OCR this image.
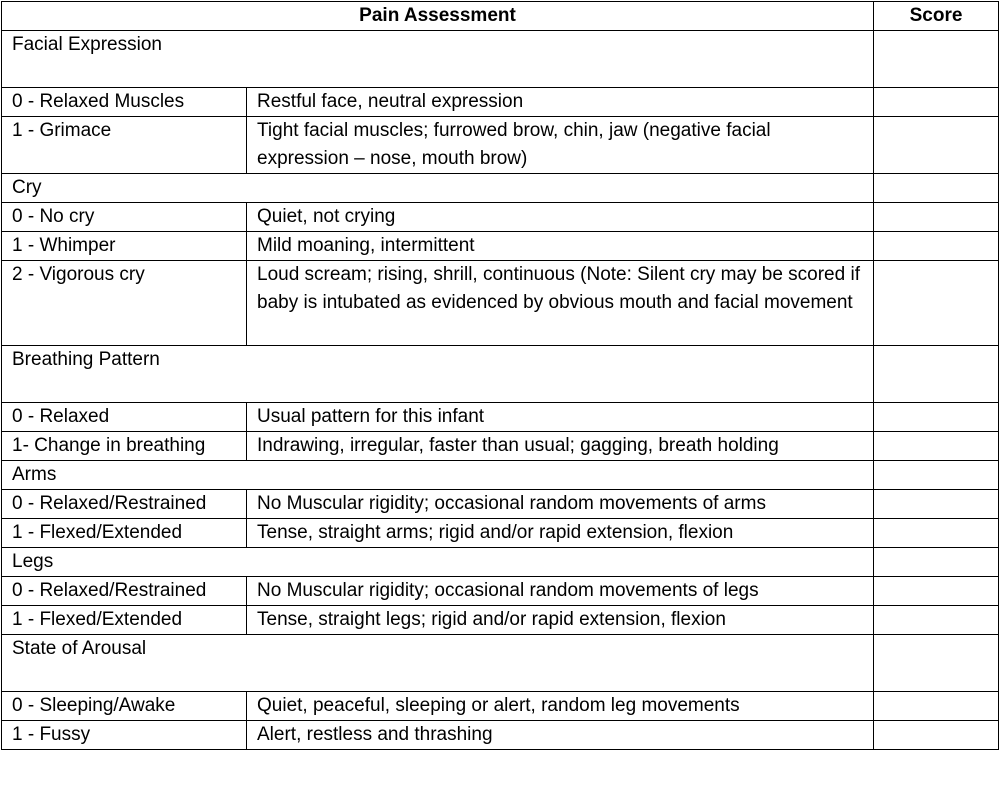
Pain Assessment		Score
Facial Expression		
0 - Relaxed Muscles	Restful face, neutral expression	
1 - Grimace	Tight facial muscles; furrowed brow, chin, jaw (negative facial expression – nose, mouth brow)	
Cry		
0 - No cry	Quiet, not crying	
1 - Whimper	Mild moaning, intermittent	
2 - Vigorous cry	Loud scream; rising, shrill, continuous (Note: Silent cry may be scored if baby is intubated as evidenced by obvious mouth and facial movement	
Breathing Pattern		
0 - Relaxed	Usual pattern for this infant	
1- Change in breathing	Indrawing, irregular, faster than usual; gagging, breath holding	
Arms		
0 - Relaxed/Restrained	No Muscular rigidity; occasional random movements of arms	
1 - Flexed/Extended	Tense, straight arms; rigid and/or rapid extension, flexion	
Legs		
0 - Relaxed/Restrained	No Muscular rigidity; occasional random movements of legs	
1 - Flexed/Extended	Tense, straight legs; rigid and/or rapid extension, flexion	
State of Arousal		
0 - Sleeping/Awake	Quiet, peaceful, sleeping or alert, random leg movements	
1 - Fussy	Alert, restless and thrashing	
